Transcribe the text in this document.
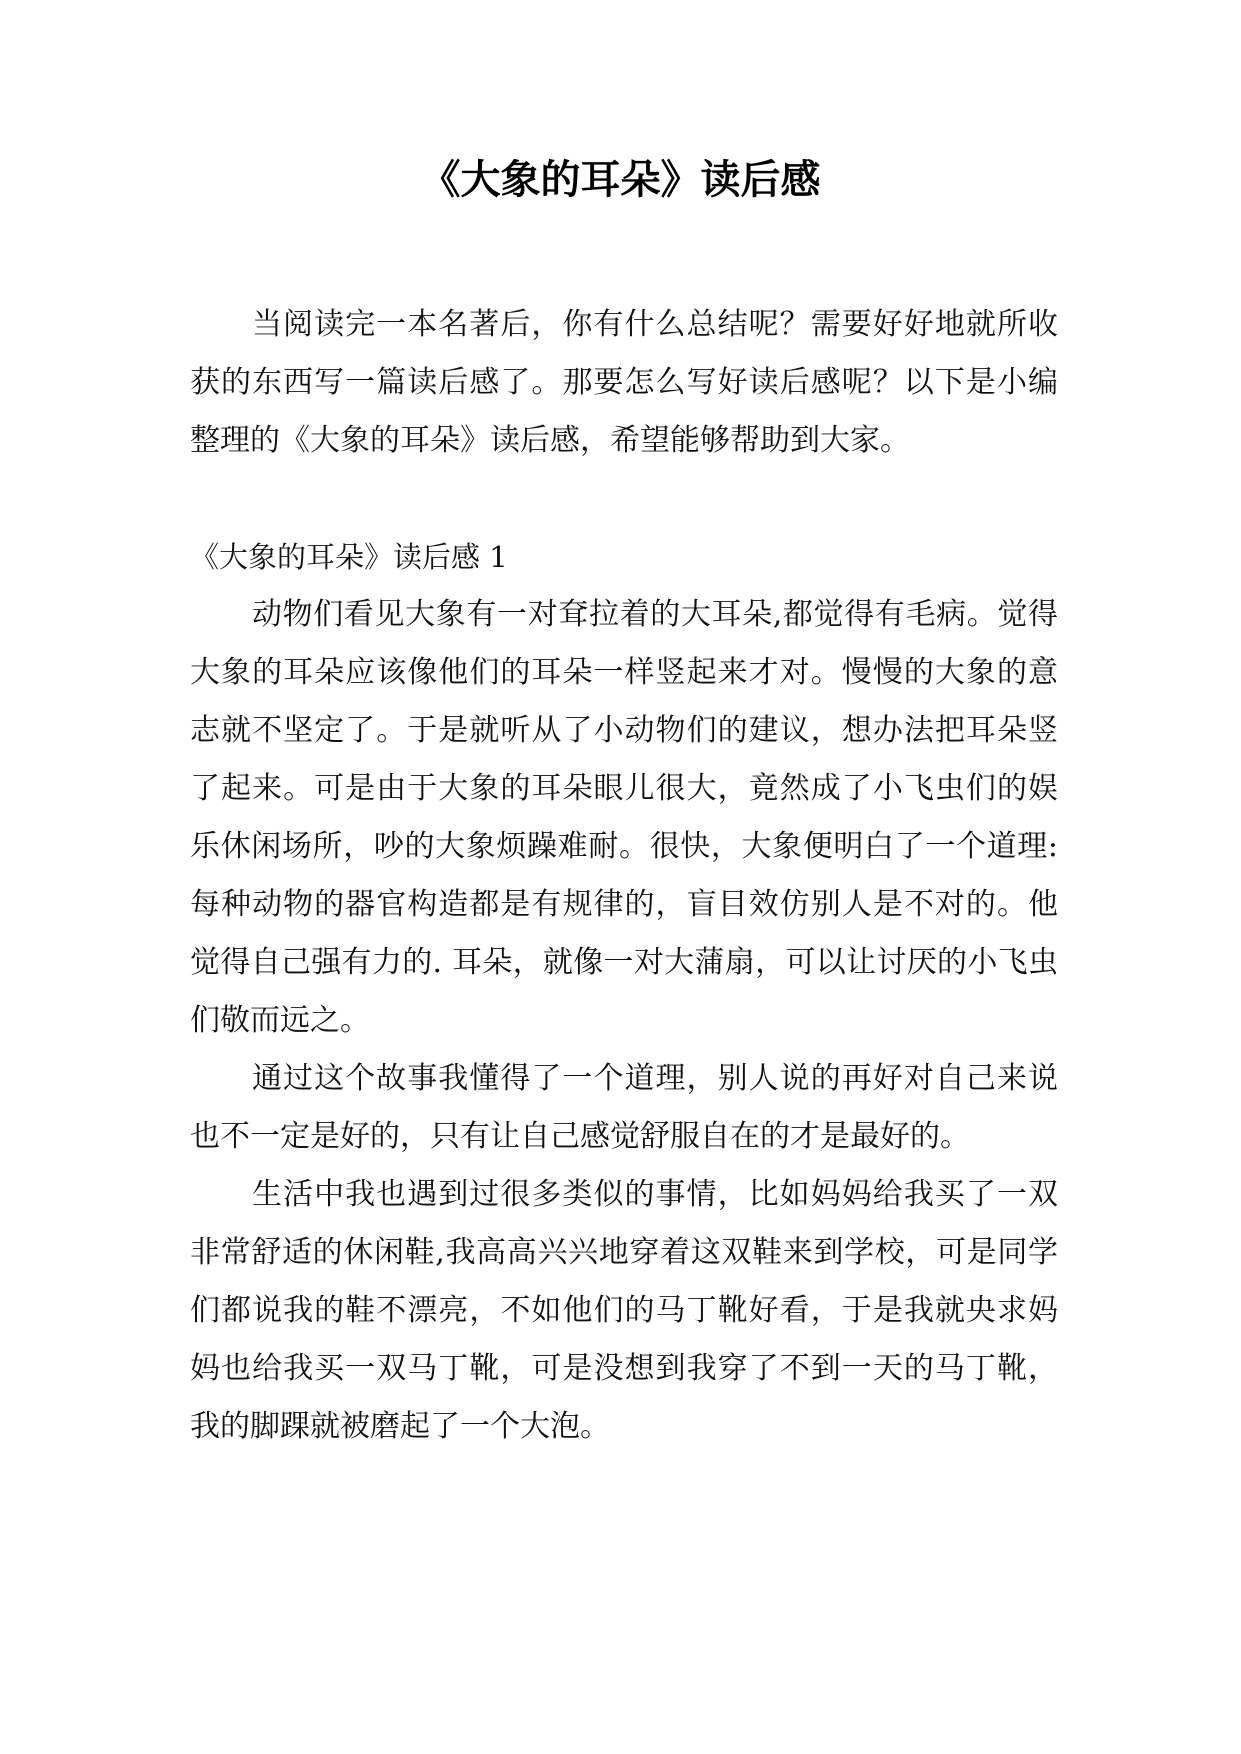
《大象的耳朵》读后感

当阅读完一本名著后，你有什么总结呢？需要好好地就所收获的东西写一篇读后感了。那要怎么写好读后感呢？以下是小编整理的《大象的耳朵》读后感，希望能够帮助到大家。

《大象的耳朵》读后感 1

动物们看见大象有一对耷拉着的大耳朵,都觉得有毛病。觉得大象的耳朵应该像他们的耳朵一样竖起来才对。慢慢的大象的意志就不坚定了。于是就听从了小动物们的建议，想办法把耳朵竖了起来。可是由于大象的耳朵眼儿很大，竟然成了小飞虫们的娱乐休闲场所，吵的大象烦躁难耐。很快，大象便明白了一个道理: 每种动物的器官构造都是有规律的，盲目效仿别人是不对的。他觉得自己强有力的. 耳朵，就像一对大蒲扇，可以让讨厌的小飞虫们敬而远之。

通过这个故事我懂得了一个道理，别人说的再好对自己来说也不一定是好的，只有让自己感觉舒服自在的才是最好的。

生活中我也遇到过很多类似的事情，比如妈妈给我买了一双非常舒适的休闲鞋,我高高兴兴地穿着这双鞋来到学校，可是同学们都说我的鞋不漂亮，不如他们的马丁靴好看，于是我就央求妈妈也给我买一双马丁靴，可是没想到我穿了不到一天的马丁靴，我的脚踝就被磨起了一个大泡。
